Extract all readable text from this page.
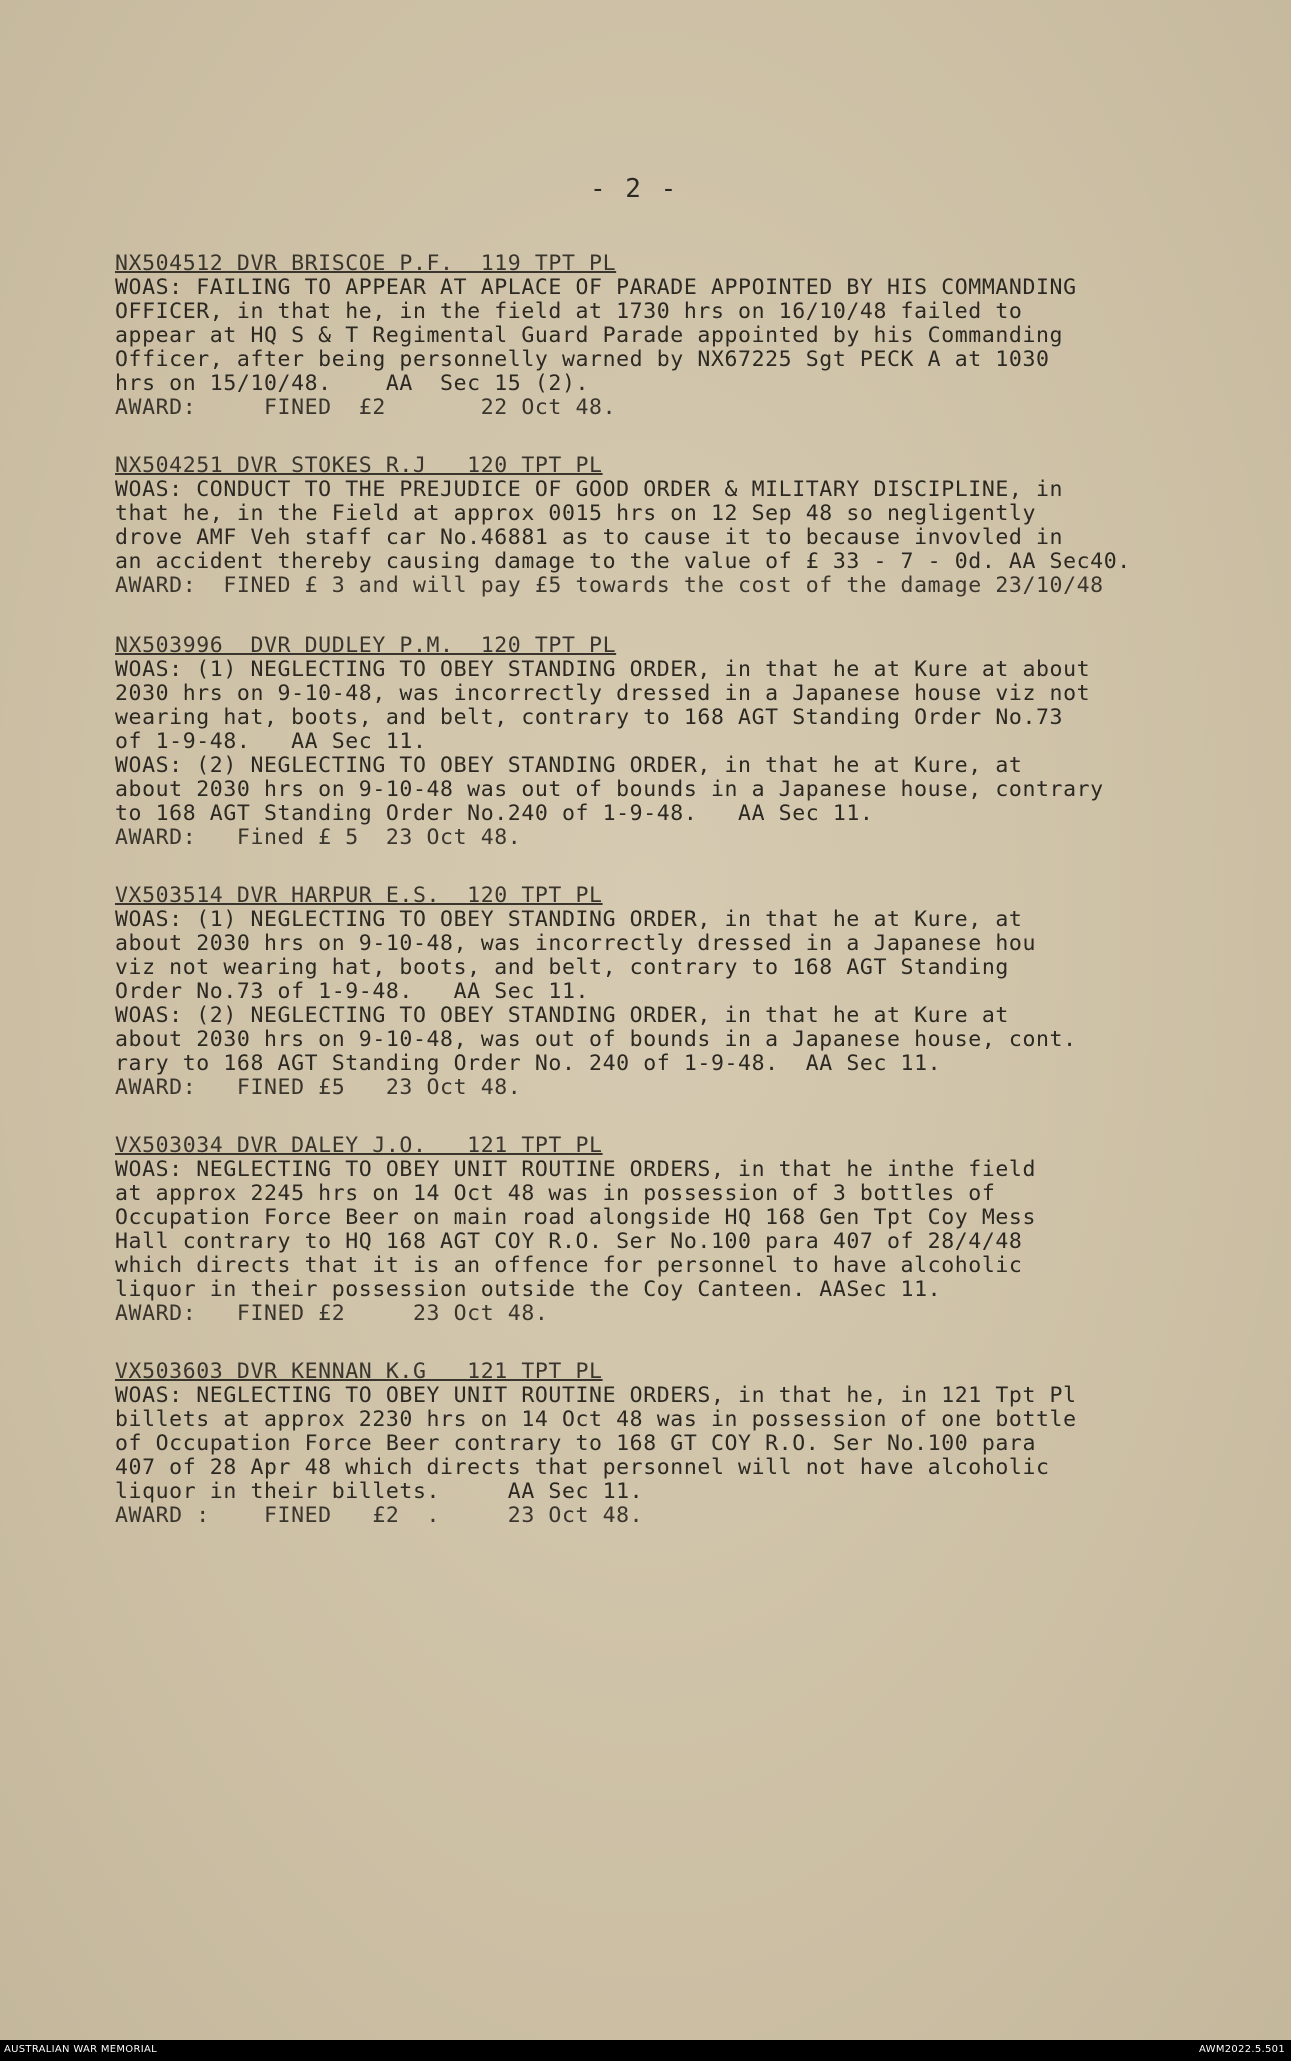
- 2 -
NX504512 DVR BRISCOE P.F.  119 TPT PL
WOAS: FAILING TO APPEAR AT APLACE OF PARADE APPOINTED BY HIS COMMANDING
OFFICER, in that he, in the field at 1730 hrs on 16/10/48 failed to
appear at HQ S & T Regimental Guard Parade appointed by his Commanding
Officer, after being personnelly warned by NX67225 Sgt PECK A at 1030
hrs on 15/10/48.    AA  Sec 15 (2).
AWARD:     FINED  £2       22 Oct 48.
NX504251 DVR STOKES R.J   120 TPT PL
WOAS: CONDUCT TO THE PREJUDICE OF GOOD ORDER & MILITARY DISCIPLINE, in
that he, in the Field at approx 0015 hrs on 12 Sep 48 so negligently
drove AMF Veh staff car No.46881 as to cause it to because invovled in
an accident thereby causing damage to the value of £ 33 - 7 - 0d. AA Sec40.
AWARD:  FINED £ 3 and will pay £5 towards the cost of the damage 23/10/48
NX503996  DVR DUDLEY P.M.  120 TPT PL
WOAS: (1) NEGLECTING TO OBEY STANDING ORDER, in that he at Kure at about
2030 hrs on 9-10-48, was incorrectly dressed in a Japanese house viz not
wearing hat, boots, and belt, contrary to 168 AGT Standing Order No.73
of 1-9-48.   AA Sec 11.
WOAS: (2) NEGLECTING TO OBEY STANDING ORDER, in that he at Kure, at
about 2030 hrs on 9-10-48 was out of bounds in a Japanese house, contrary
to 168 AGT Standing Order No.240 of 1-9-48.   AA Sec 11.
AWARD:   Fined £ 5  23 Oct 48.
VX503514 DVR HARPUR E.S.  120 TPT PL
WOAS: (1) NEGLECTING TO OBEY STANDING ORDER, in that he at Kure, at
about 2030 hrs on 9-10-48, was incorrectly dressed in a Japanese hou
viz not wearing hat, boots, and belt, contrary to 168 AGT Standing
Order No.73 of 1-9-48.   AA Sec 11.
WOAS: (2) NEGLECTING TO OBEY STANDING ORDER, in that he at Kure at
about 2030 hrs on 9-10-48, was out of bounds in a Japanese house, cont.
rary to 168 AGT Standing Order No. 240 of 1-9-48.  AA Sec 11.
AWARD:   FINED £5   23 Oct 48.
VX503034 DVR DALEY J.O.   121 TPT PL
WOAS: NEGLECTING TO OBEY UNIT ROUTINE ORDERS, in that he inthe field
at approx 2245 hrs on 14 Oct 48 was in possession of 3 bottles of
Occupation Force Beer on main road alongside HQ 168 Gen Tpt Coy Mess
Hall contrary to HQ 168 AGT COY R.O. Ser No.100 para 407 of 28/4/48
which directs that it is an offence for personnel to have alcoholic
liquor in their possession outside the Coy Canteen. AASec 11.
AWARD:   FINED £2     23 Oct 48.
VX503603 DVR KENNAN K.G   121 TPT PL
WOAS: NEGLECTING TO OBEY UNIT ROUTINE ORDERS, in that he, in 121 Tpt Pl
billets at approx 2230 hrs on 14 Oct 48 was in possession of one bottle
of Occupation Force Beer contrary to 168 GT COY R.O. Ser No.100 para
407 of 28 Apr 48 which directs that personnel will not have alcoholic
liquor in their billets.     AA Sec 11.
AWARD :    FINED   £2  .     23 Oct 48.
AUSTRALIAN WAR MEMORIAL	AWM2022.5.501
